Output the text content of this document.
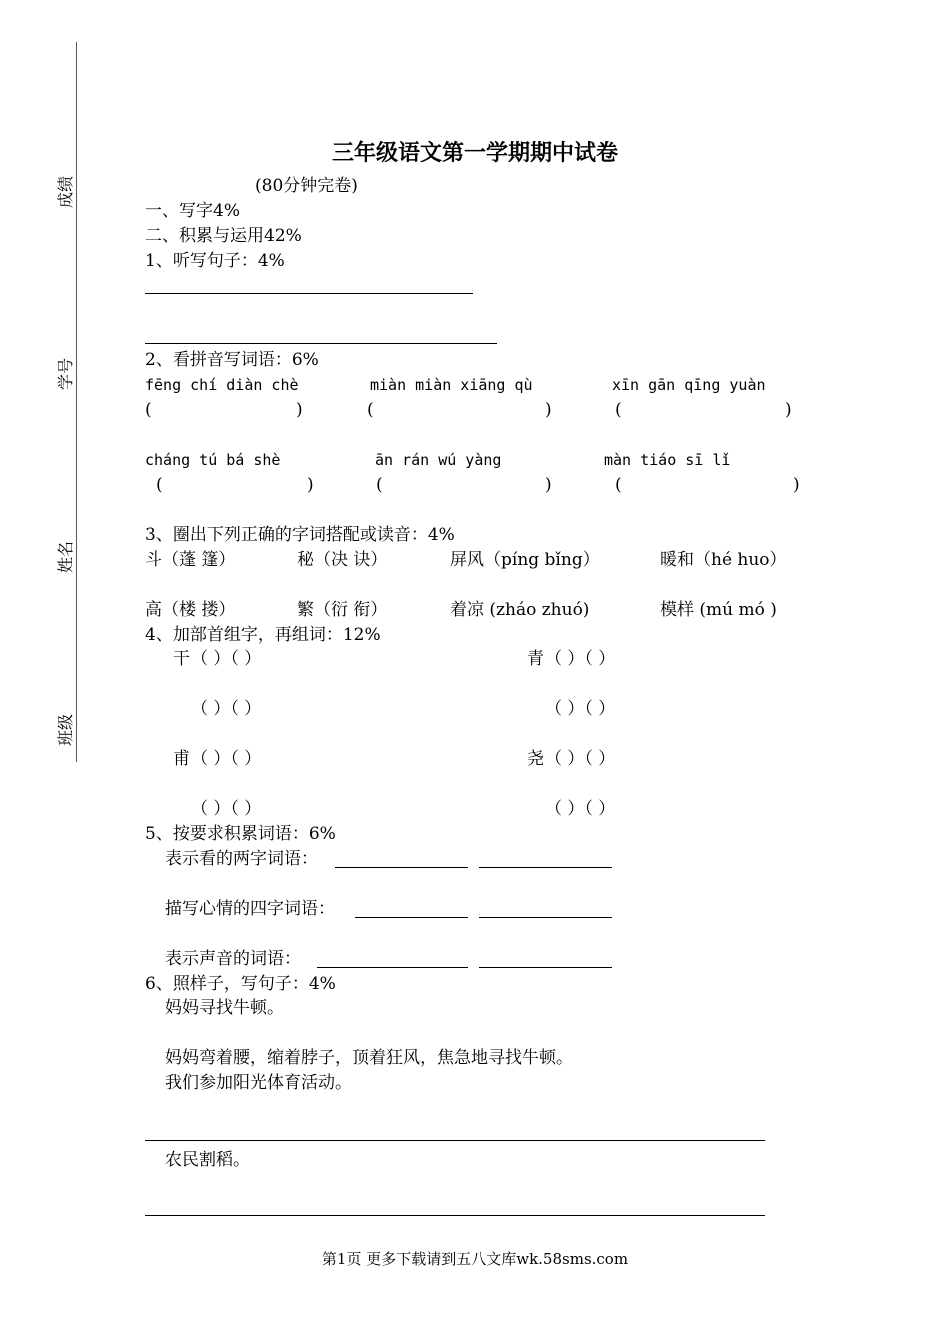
成绩
学号
姓名
班级
三年级语文第一学期期中试卷
(80分钟完卷)
一、写字4%
二、积累与运用42%
1、听写句子：4%
2、看拼音写词语：6%
fēng chí diàn chè	miàn miàn xiāng qù	xīn gān qīng yuàn
(	)	(	)	(	)
cháng tú bá shè	ān rán wú yàng	màn tiáo sī lǐ
(	)	(	)	(	)
3、圈出下列正确的字词搭配或读音：4%
斗（蓬 篷）	秘（决 诀）	屏风（píng bǐng）	暖和（hé huo）
高（楼 搂）	繁（衍 衔）	着凉 (zháo zhuó)	模样 (mú mó )
4、加部首组字，再组词：12%
干 （ ）（ ）	青 （ ）（ ）
（ ）（ ）	（ ）（ ）
甫 （ ）（ ）	尧 （ ）（ ）
（ ）（ ）	（ ）（ ）
5、按要求积累词语：6%
表示看的两字词语：
描写心情的四字词语：
表示声音的词语：
6、照样子，写句子：4%
妈妈寻找牛顿。
妈妈弯着腰，缩着脖子，顶着狂风，焦急地寻找牛顿。
我们参加阳光体育活动。
农民割稻。
第1页 更多下载请到五八文库wk.58sms.com
